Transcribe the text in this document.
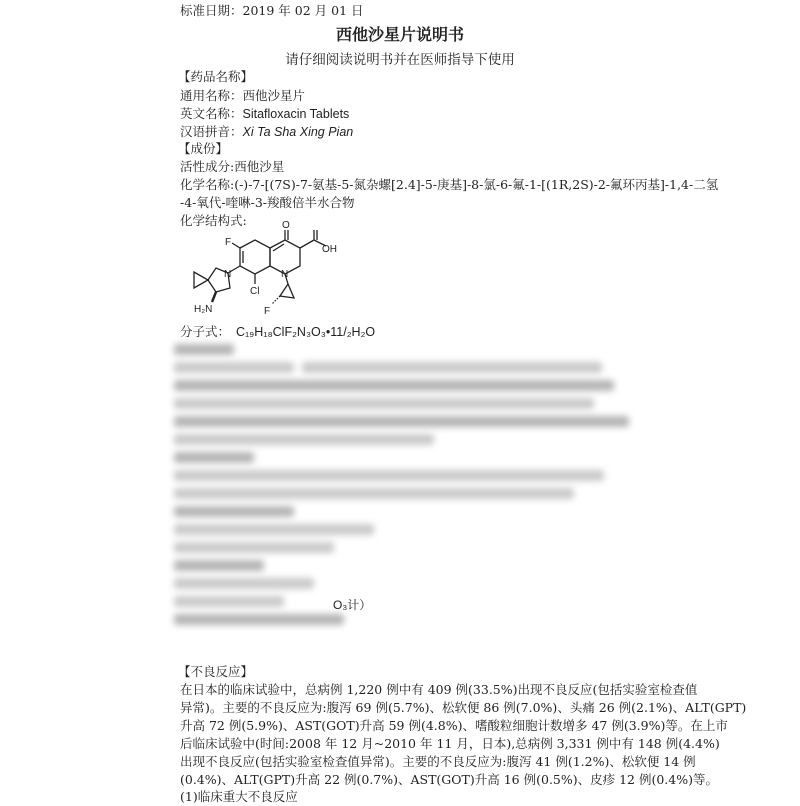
标准日期：2019 年 02 月 01 日
西他沙星片说明书
请仔细阅读说明书并在医师指导下使用
【药品名称】
通用名称：西他沙星片
英文名称：Sitafloxacin Tablets
汉语拼音：Xi Ta Sha Xing Pian
【成份】
活性成分:西他沙星
化学名称:(-)-7-[(7S)-7-氨基-5-氮杂螺[2.4]-5-庚基]-8-氯-6-氟-1-[(1R,2S)-2-氟环丙基]-1,4-二氢
-4-氧代-喹啉-3-羧酸倍半水合物
化学结构式:
F
O
OH
N	N
Cl
H₂N	F
分子式： C₁₉H₁₈ClF₂N₃O₃•11/₂H₂O
O₃计）
【不良反应】
在日本的临床试验中，总病例 1,220 例中有 409 例(33.5%)出现不良反应(包括实验室检查值
异常)。主要的不良反应为:腹泻 69 例(5.7%)、松软便 86 例(7.0%)、头痛 26 例(2.1%)、ALT(GPT)
升高 72 例(5.9%)、AST(GOT)升高 59 例(4.8%)、嗜酸粒细胞计数增多 47 例(3.9%)等。在上市
后临床试验中(时间:2008 年 12 月~2010 年 11 月，日本),总病例 3,331 例中有 148 例(4.4%)
出现不良反应(包括实验室检查值异常)。主要的不良反应为:腹泻 41 例(1.2%)、松软便 14 例
(0.4%)、ALT(GPT)升高 22 例(0.7%)、AST(GOT)升高 16 例(0.5%)、皮疹 12 例(0.4%)等。
(1)临床重大不良反应
